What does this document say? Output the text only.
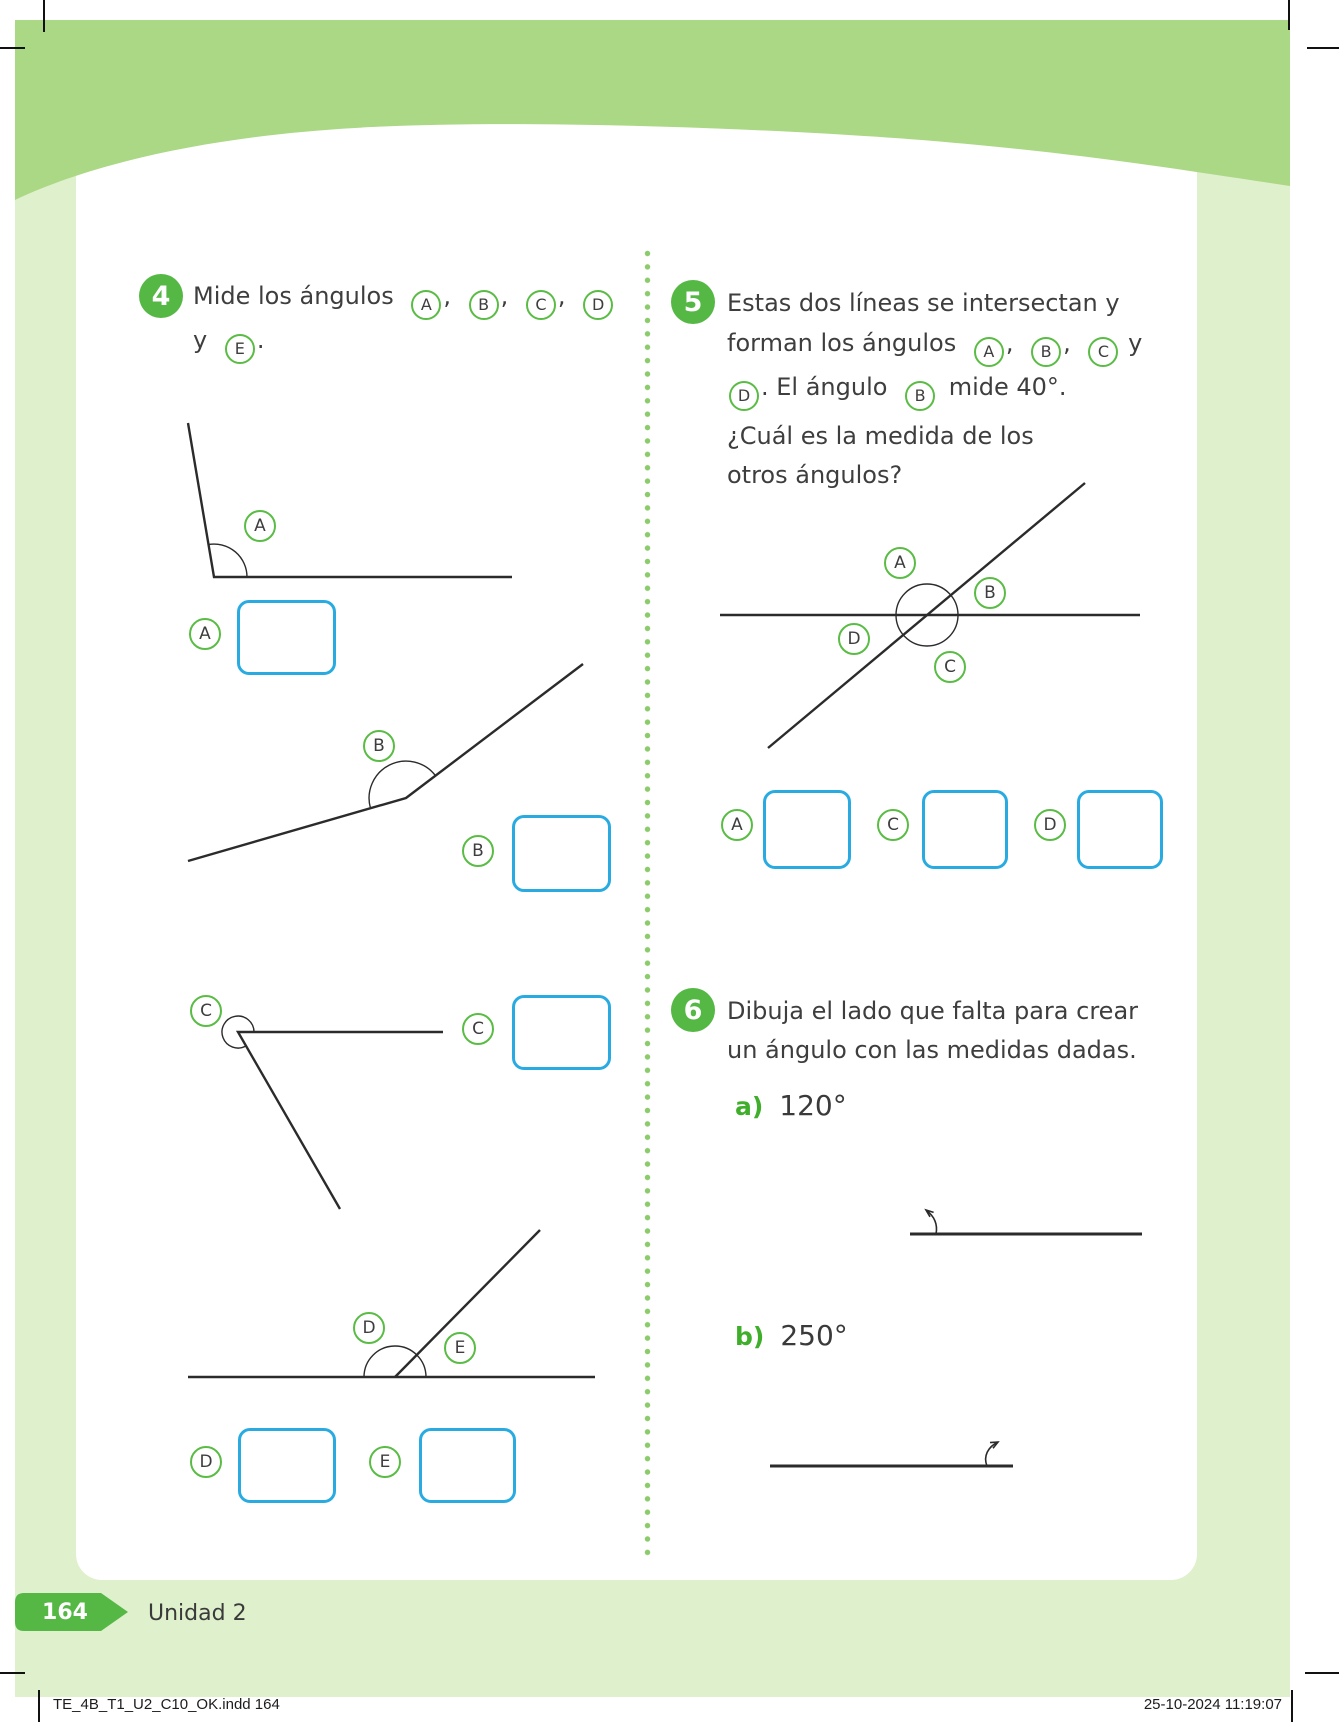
4 Mide los ángulos A , B , C , D
y E .
A
A
B
B
C
C
D
E
D	E
5 Estas dos líneas se intersectan y
forman los ángulos A , B , C y
D . El ángulo B mide 40°.
¿Cuál es la medida de los
otros ángulos?
A
B
D
C
A	C	D
6 Dibuja el lado que falta para crear
un ángulo con las medidas dadas.
a) 120°
b) 250°
164	Unidad 2
TE_4B_T1_U2_C10_OK.indd 164	25-10-2024 11:19:07
